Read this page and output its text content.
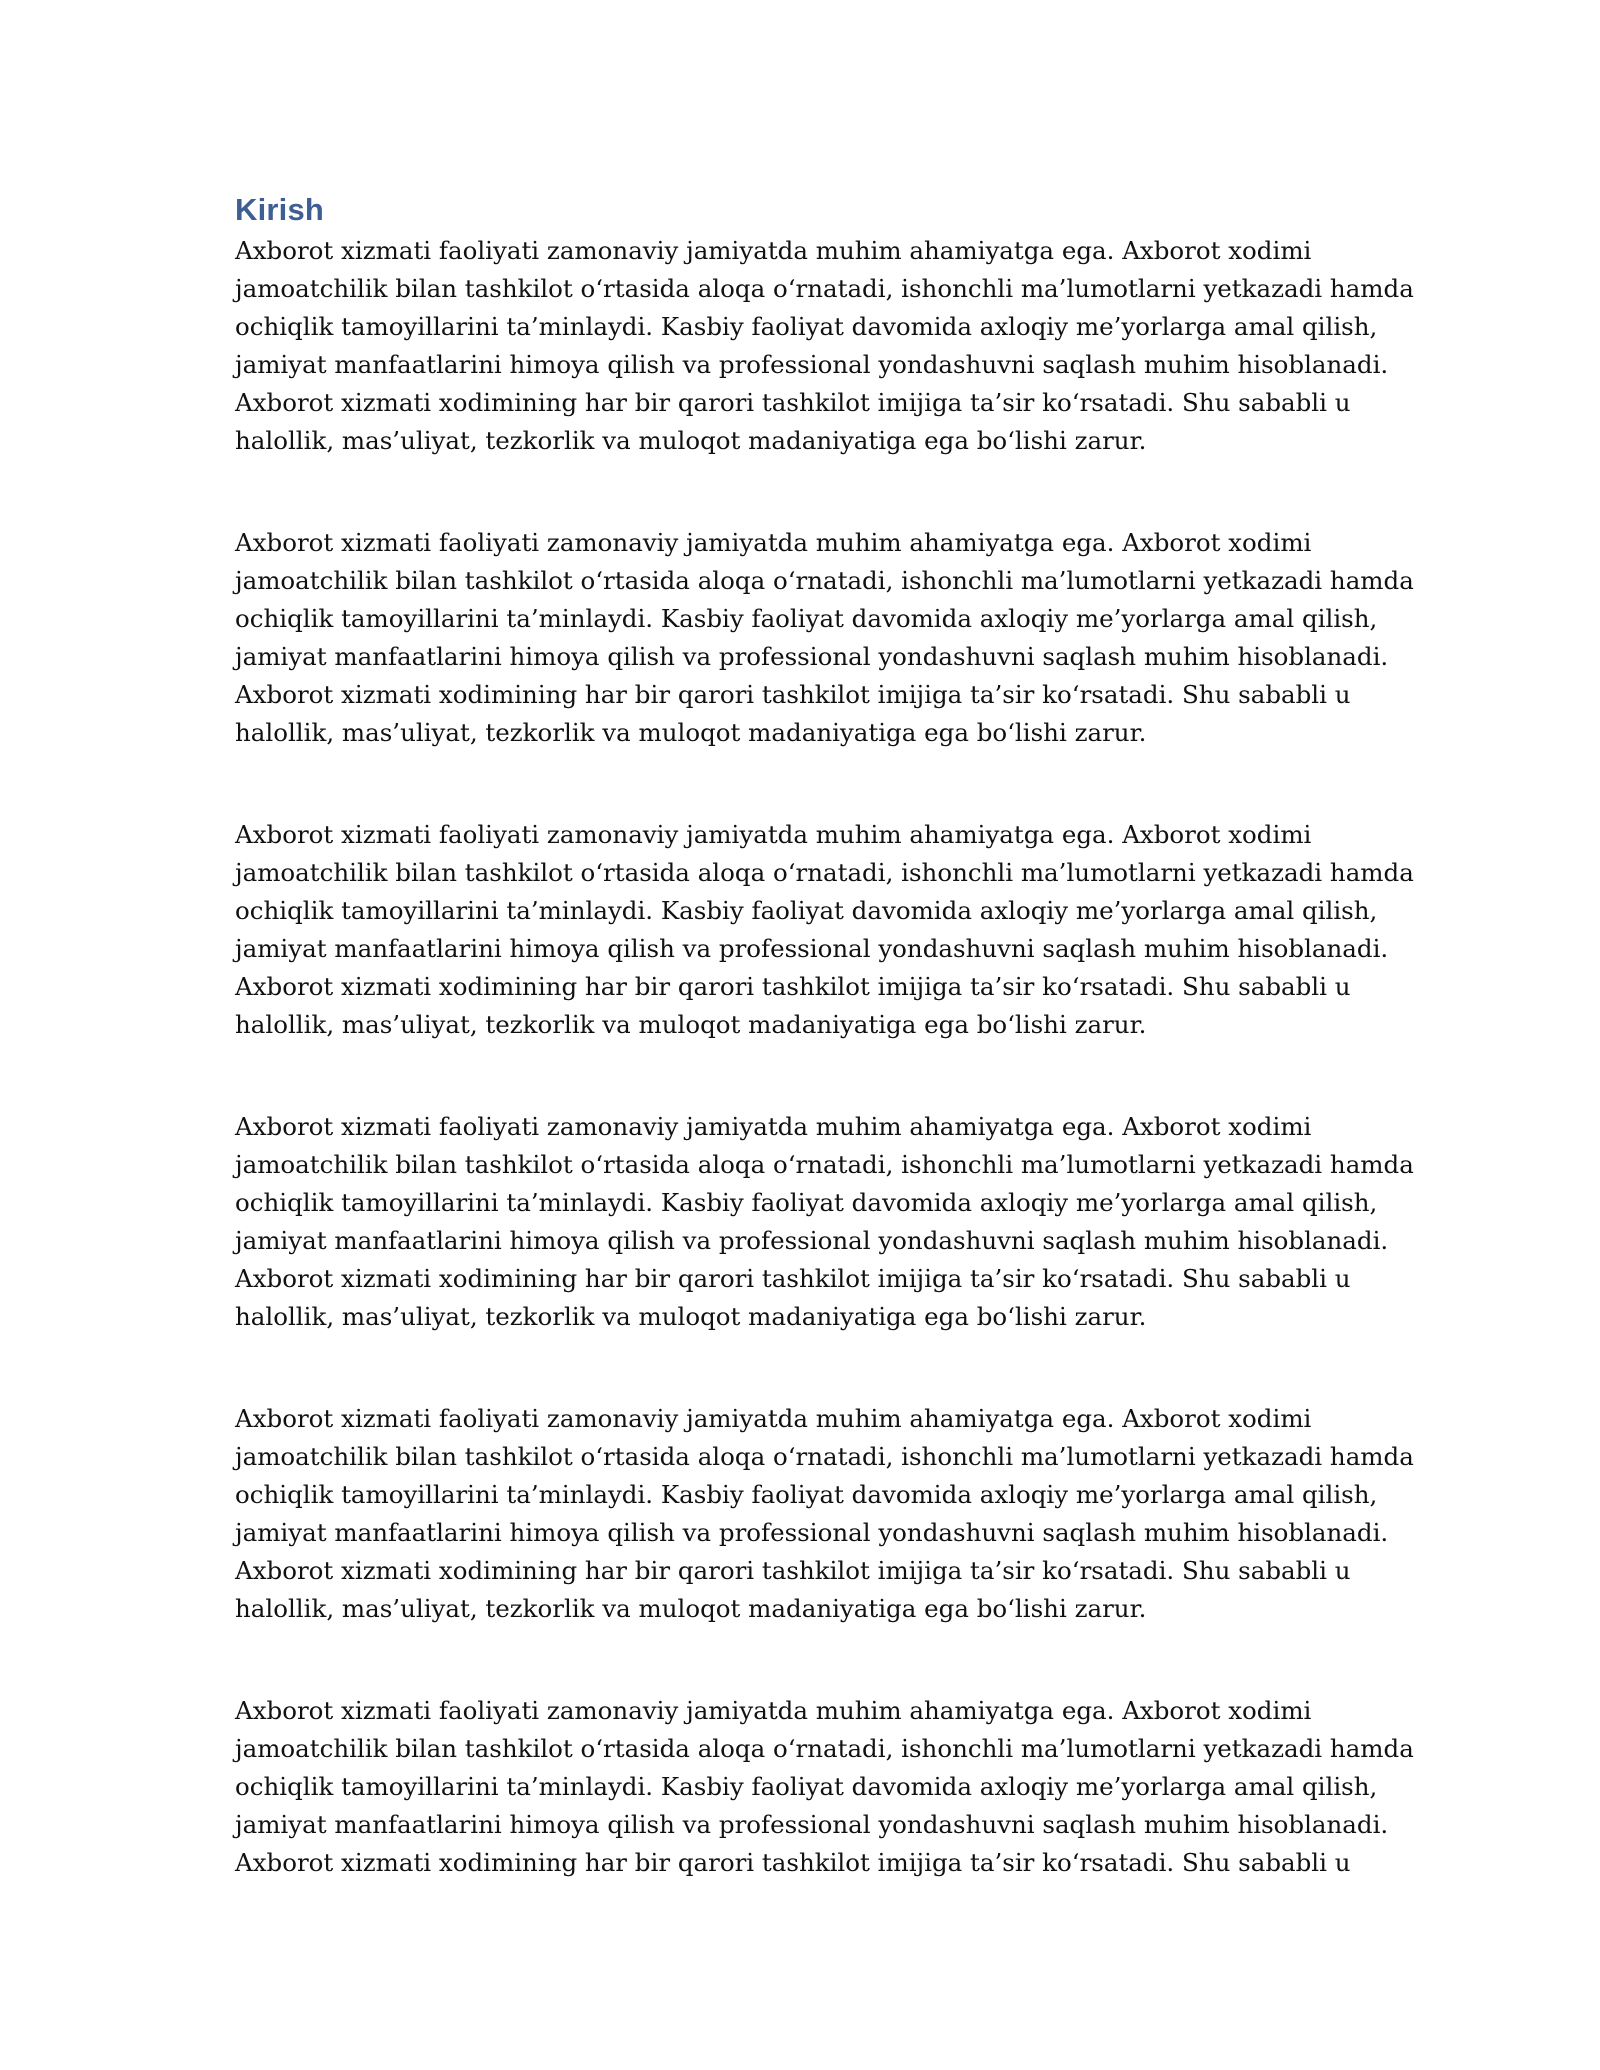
Kirish

Axborot xizmati faoliyati zamonaviy jamiyatda muhim ahamiyatga ega. Axborot xodimi
jamoatchilik bilan tashkilot o‘rtasida aloqa o‘rnatadi, ishonchli ma’lumotlarni yetkazadi hamda
ochiqlik tamoyillarini ta’minlaydi. Kasbiy faoliyat davomida axloqiy me’yorlarga amal qilish,
jamiyat manfaatlarini himoya qilish va professional yondashuvni saqlash muhim hisoblanadi.
Axborot xizmati xodimining har bir qarori tashkilot imijiga ta’sir ko‘rsatadi. Shu sababli u
halollik, mas’uliyat, tezkorlik va muloqot madaniyatiga ega bo‘lishi zarur.

Axborot xizmati faoliyati zamonaviy jamiyatda muhim ahamiyatga ega. Axborot xodimi
jamoatchilik bilan tashkilot o‘rtasida aloqa o‘rnatadi, ishonchli ma’lumotlarni yetkazadi hamda
ochiqlik tamoyillarini ta’minlaydi. Kasbiy faoliyat davomida axloqiy me’yorlarga amal qilish,
jamiyat manfaatlarini himoya qilish va professional yondashuvni saqlash muhim hisoblanadi.
Axborot xizmati xodimining har bir qarori tashkilot imijiga ta’sir ko‘rsatadi. Shu sababli u
halollik, mas’uliyat, tezkorlik va muloqot madaniyatiga ega bo‘lishi zarur.

Axborot xizmati faoliyati zamonaviy jamiyatda muhim ahamiyatga ega. Axborot xodimi
jamoatchilik bilan tashkilot o‘rtasida aloqa o‘rnatadi, ishonchli ma’lumotlarni yetkazadi hamda
ochiqlik tamoyillarini ta’minlaydi. Kasbiy faoliyat davomida axloqiy me’yorlarga amal qilish,
jamiyat manfaatlarini himoya qilish va professional yondashuvni saqlash muhim hisoblanadi.
Axborot xizmati xodimining har bir qarori tashkilot imijiga ta’sir ko‘rsatadi. Shu sababli u
halollik, mas’uliyat, tezkorlik va muloqot madaniyatiga ega bo‘lishi zarur.

Axborot xizmati faoliyati zamonaviy jamiyatda muhim ahamiyatga ega. Axborot xodimi
jamoatchilik bilan tashkilot o‘rtasida aloqa o‘rnatadi, ishonchli ma’lumotlarni yetkazadi hamda
ochiqlik tamoyillarini ta’minlaydi. Kasbiy faoliyat davomida axloqiy me’yorlarga amal qilish,
jamiyat manfaatlarini himoya qilish va professional yondashuvni saqlash muhim hisoblanadi.
Axborot xizmati xodimining har bir qarori tashkilot imijiga ta’sir ko‘rsatadi. Shu sababli u
halollik, mas’uliyat, tezkorlik va muloqot madaniyatiga ega bo‘lishi zarur.

Axborot xizmati faoliyati zamonaviy jamiyatda muhim ahamiyatga ega. Axborot xodimi
jamoatchilik bilan tashkilot o‘rtasida aloqa o‘rnatadi, ishonchli ma’lumotlarni yetkazadi hamda
ochiqlik tamoyillarini ta’minlaydi. Kasbiy faoliyat davomida axloqiy me’yorlarga amal qilish,
jamiyat manfaatlarini himoya qilish va professional yondashuvni saqlash muhim hisoblanadi.
Axborot xizmati xodimining har bir qarori tashkilot imijiga ta’sir ko‘rsatadi. Shu sababli u
halollik, mas’uliyat, tezkorlik va muloqot madaniyatiga ega bo‘lishi zarur.

Axborot xizmati faoliyati zamonaviy jamiyatda muhim ahamiyatga ega. Axborot xodimi
jamoatchilik bilan tashkilot o‘rtasida aloqa o‘rnatadi, ishonchli ma’lumotlarni yetkazadi hamda
ochiqlik tamoyillarini ta’minlaydi. Kasbiy faoliyat davomida axloqiy me’yorlarga amal qilish,
jamiyat manfaatlarini himoya qilish va professional yondashuvni saqlash muhim hisoblanadi.
Axborot xizmati xodimining har bir qarori tashkilot imijiga ta’sir ko‘rsatadi. Shu sababli u
